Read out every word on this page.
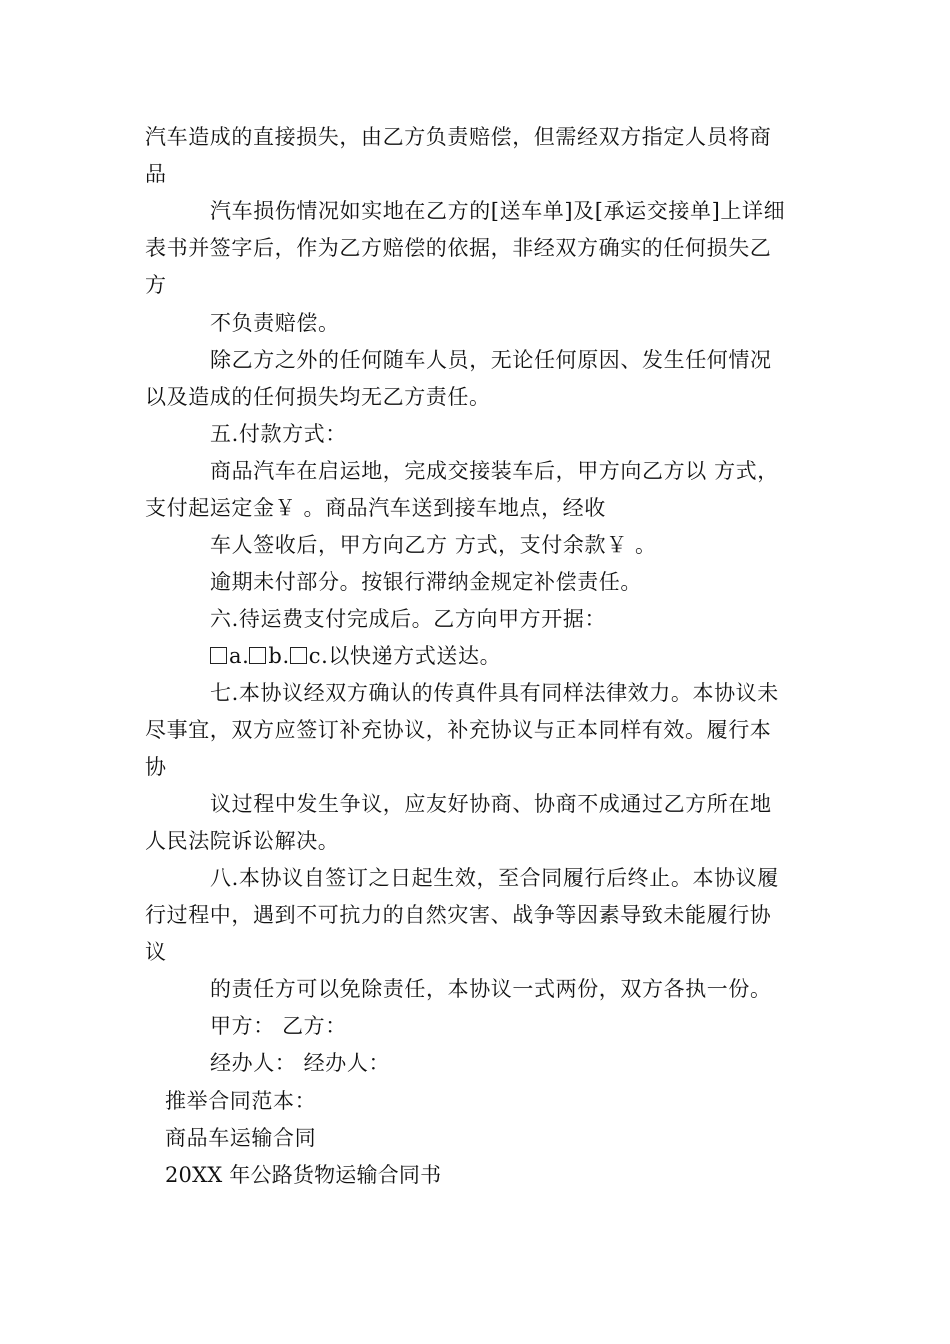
汽车造成的直接损失，由乙方负责赔偿，但需经双方指定人员将商
品
汽车损伤情况如实地在乙方的[送车单]及[承运交接单]上详细
表书并签字后，作为乙方赔偿的依据，非经双方确实的任何损失乙
方
不负责赔偿。
除乙方之外的任何随车人员，无论任何原因、发生任何情况
以及造成的任何损失均无乙方责任。
五.付款方式：
商品汽车在启运地，完成交接装车后，甲方向乙方以 方式，
支付起运定金￥ 。商品汽车送到接车地点，经收
车人签收后，甲方向乙方 方式，支付余款￥ 。
逾期未付部分。按银行滞纳金规定补偿责任。
六.待运费支付完成后。乙方向甲方开据：
a. b. c.以快递方式送达。
七.本协议经双方确认的传真件具有同样法律效力。本协议未
尽事宜，双方应签订补充协议，补充协议与正本同样有效。履行本
协
议过程中发生争议，应友好协商、协商不成通过乙方所在地
人民法院诉讼解决。
八.本协议自签订之日起生效，至合同履行后终止。本协议履
行过程中，遇到不可抗力的自然灾害、战争等因素导致未能履行协
议
的责任方可以免除责任，本协议一式两份，双方各执一份。
甲方： 乙方：
经办人： 经办人：
推举合同范本：
商品车运输合同
20XX 年公路货物运输合同书
